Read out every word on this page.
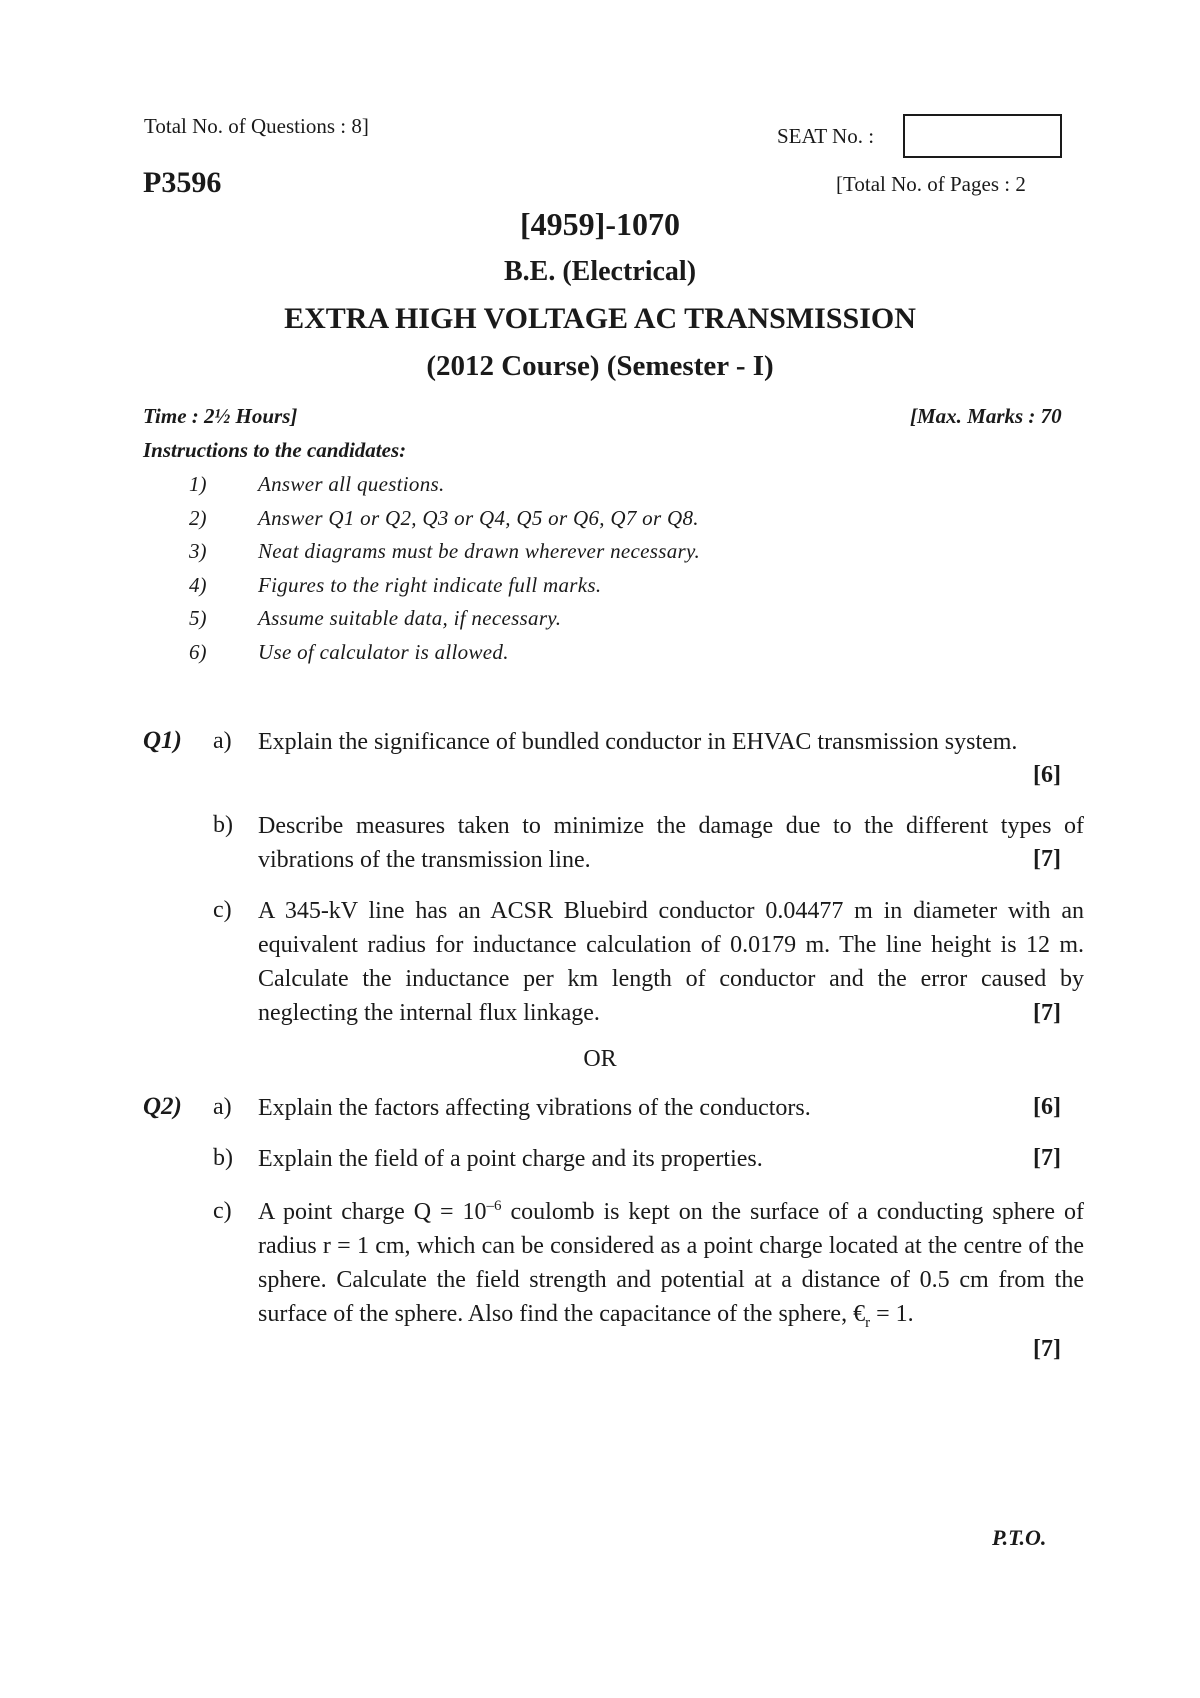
Total No. of Questions : 8]	SEAT No. :
P3596	[Total No. of Pages : 2
[4959]-1070
B.E. (Electrical)
EXTRA HIGH VOLTAGE AC TRANSMISSION
(2012 Course) (Semester - I)
Time : 2½ Hours]	[Max. Marks : 70
Instructions to the candidates:
1) Answer all questions.
2) Answer Q1 or Q2, Q3 or Q4, Q5 or Q6, Q7 or Q8.
3) Neat diagrams must be drawn wherever necessary.
4) Figures to the right indicate full marks.
5) Assume suitable data, if necessary.
6) Use of calculator is allowed.
Q1) a) Explain the significance of bundled conductor in EHVAC transmission system.
[6]
b) Describe measures taken to minimize the damage due to the different types of vibrations of the transmission line.	[7]
c) A 345-kV line has an ACSR Bluebird conductor 0.04477 m in diameter with an equivalent radius for inductance calculation of 0.0179 m. The line height is 12 m. Calculate the inductance per km length of conductor and the error caused by neglecting the internal flux linkage.	[7]
OR
Q2) a) Explain the factors affecting vibrations of the conductors.	[6]
b) Explain the field of a point charge and its properties.	[7]
c) A point charge $Q = 10^{-6}$ coulomb is kept on the surface of a conducting sphere of radius r = 1 cm, which can be considered as a point charge located at the centre of the sphere. Calculate the field strength and potential at a distance of 0.5 cm from the surface of the sphere. Also find the capacitance of the sphere, $€_r = 1$.
[7]
P.T.O.
